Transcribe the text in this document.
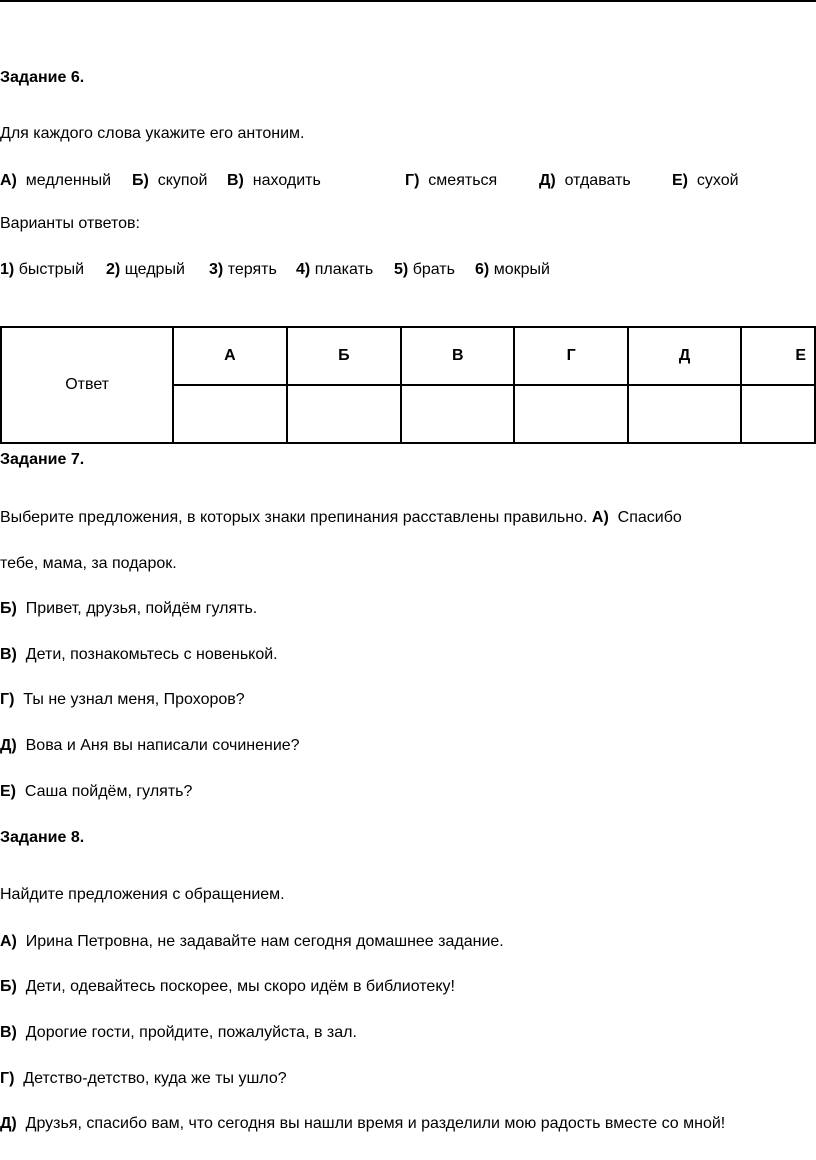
Задание 6.
Для каждого слова укажите его антоним.
А) медленный Б) скупой В) находить	Г) смеяться	Д) отдавать	Е) сухой
Варианты ответов:
1) быстрый 2) щедрый 3) терять 4) плакать 5) брать 6) мокрый
Ответ	А	Б	В	Г	Д	Е

Задание 7.
Выберите предложения, в которых знаки препинания расставлены правильно. А) Спасибо
тебе, мама, за подарок.
Б) Привет, друзья, пойдём гулять.
В) Дети, познакомьтесь с новенькой.
Г) Ты не узнал меня, Прохоров?
Д) Вова и Аня вы написали сочинение?
Е) Саша пойдём, гулять?
Задание 8.
Найдите предложения с обращением.
А) Ирина Петровна, не задавайте нам сегодня домашнее задание.
Б) Дети, одевайтесь поскорее, мы скоро идём в библиотеку!
В) Дорогие гости, пройдите, пожалуйста, в зал.
Г) Детство-детство, куда же ты ушло?
Д) Друзья, спасибо вам, что сегодня вы нашли время и разделили мою радость вместе со мной!
